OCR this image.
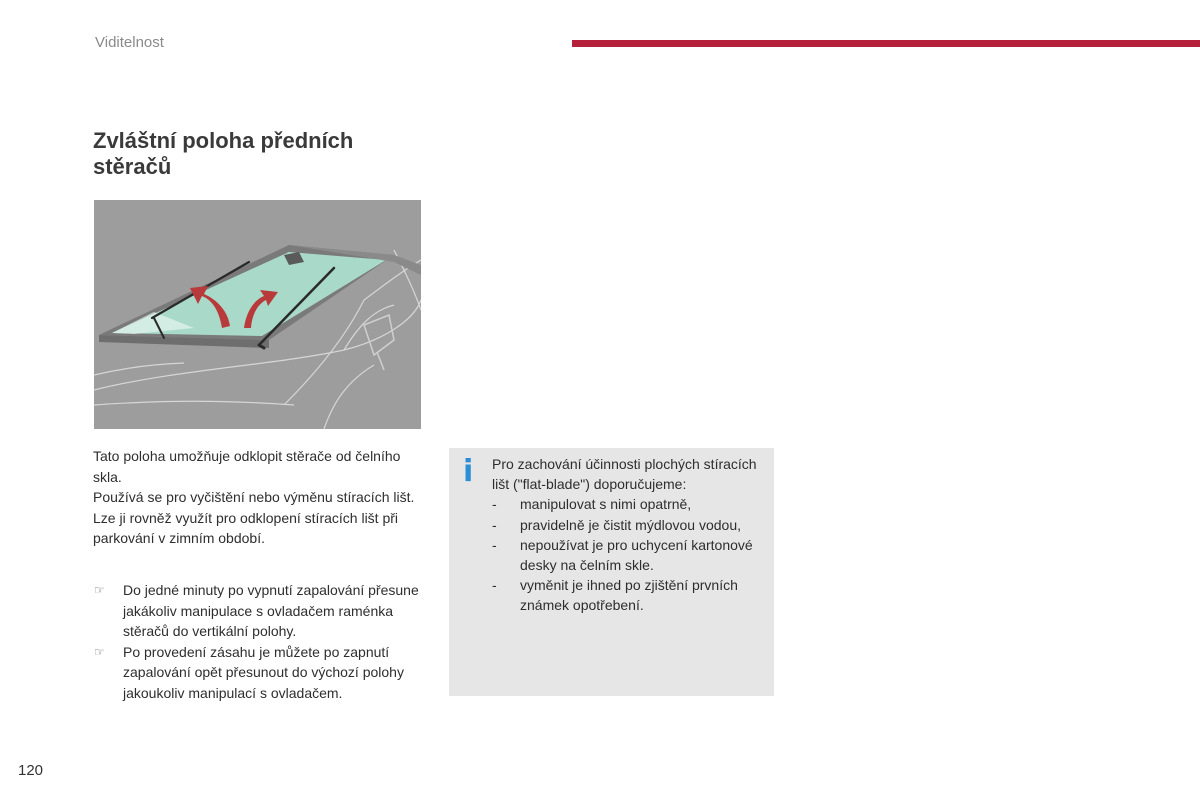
Viditelnost
Zvláštní poloha předních stěračů

Tato poloha umožňuje odklopit stěrače od čelního skla.

Používá se pro vyčištění nebo výměnu stíracích lišt. Lze ji rovněž využít pro odklopení stíracích lišt při parkování v zimním období.

☞ Do jedné minuty po vypnutí zapalování přesune jakákoliv manipulace s ovladačem raménka stěračů do vertikální polohy.
☞ Po provedení zásahu je můžete po zapnutí zapalování opět přesunout do výchozí polohy jakoukoliv manipulací s ovladačem.
i Pro zachování účinnosti plochých stíracích lišt ("flat-blade") doporučujeme:

- manipulovat s nimi opatrně,
- pravidelně je čistit mýdlovou vodou,
- nepoužívat je pro uchycení kartonové desky na čelním skle.
- vyměnit je ihned po zjištění prvních známek opotřebení.
120
